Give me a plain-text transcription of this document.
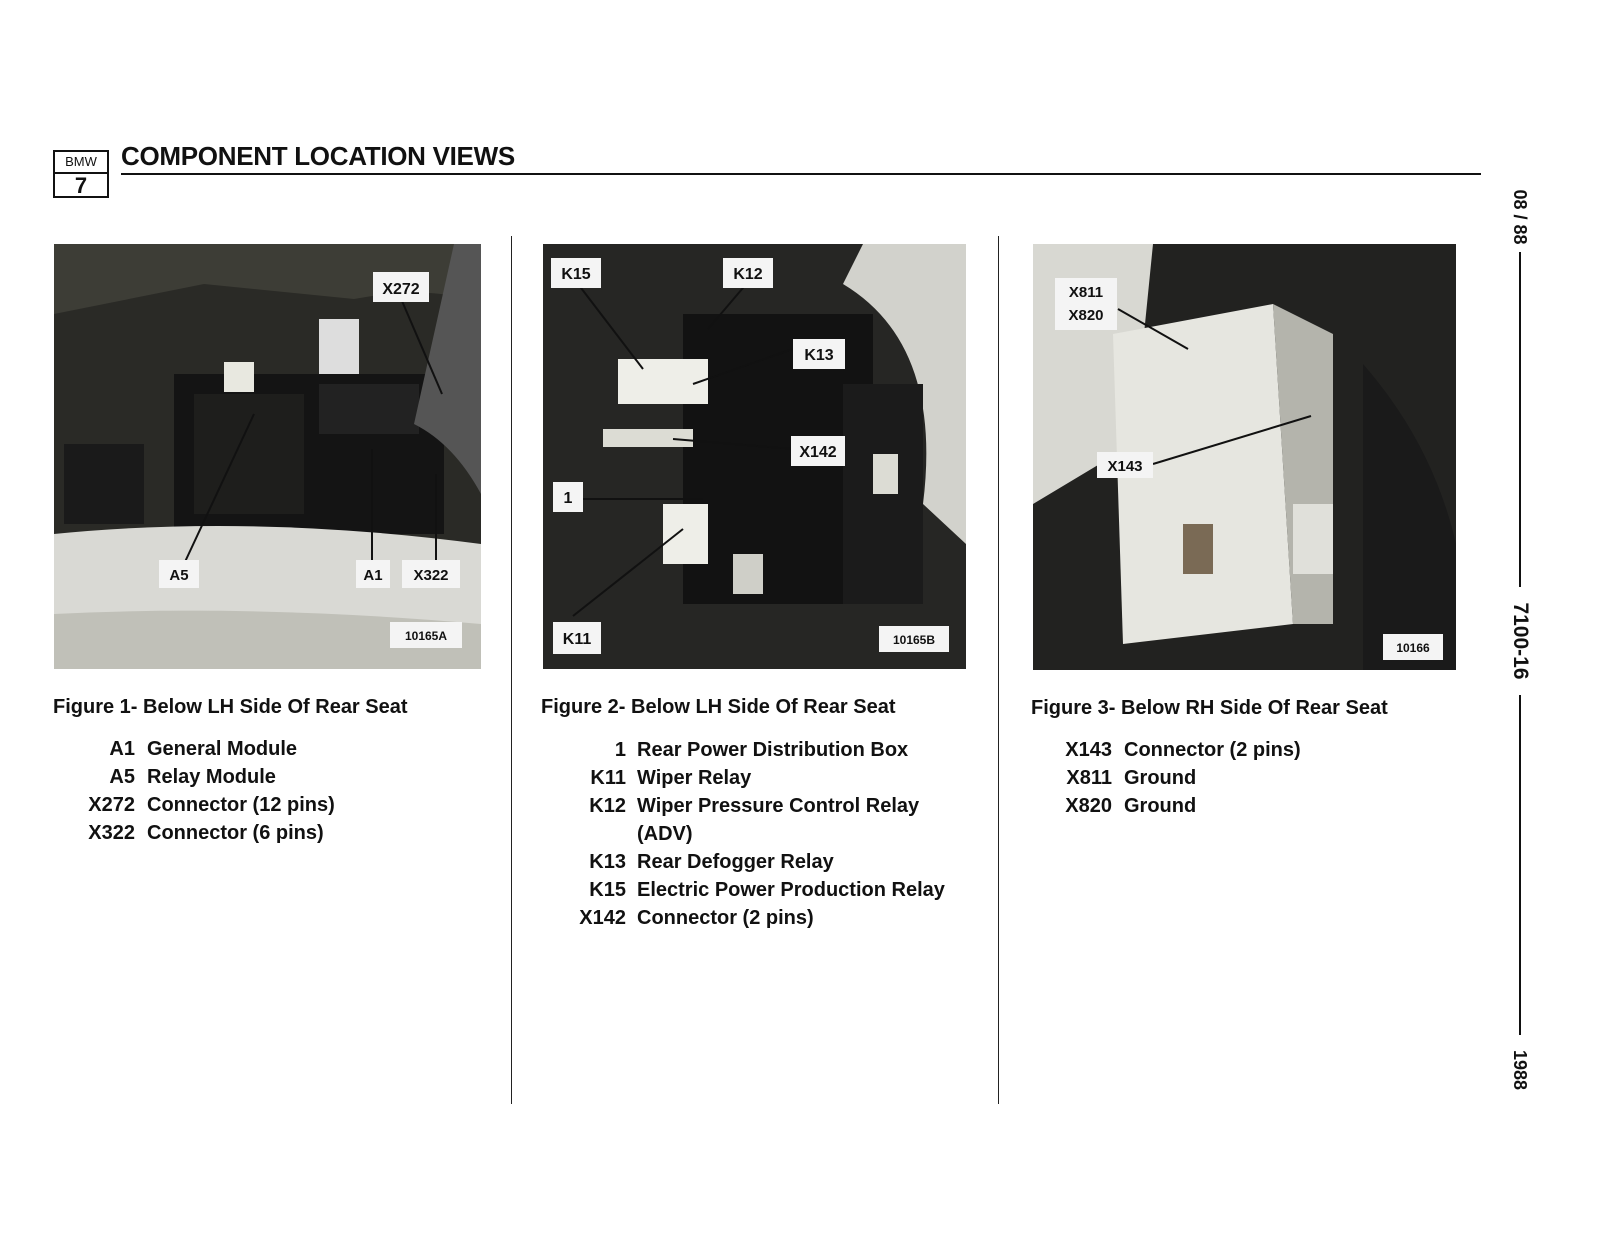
BMW
7
COMPONENT LOCATION VIEWS
X272
A5	A1 X322
10165A
K15	K12
K13
X142
1
K11	10165B
X811
X820
X143
10166
Figure 1- Below LH Side Of Rear Seat	Figure 2- Below LH Side Of Rear Seat	Figure 3- Below RH Side Of Rear Seat
A1 General Module
A5 Relay Module
X272 Connector (12 pins)
X322 Connector (6 pins)
1 Rear Power Distribution Box
K11 Wiper Relay
K12 Wiper Pressure Control Relay
(ADV)
K13 Rear Defogger Relay
K15 Electric Power Production Relay
X142 Connector (2 pins)
X143 Connector (2 pins)
X811 Ground
X820 Ground
08 / 88
7100-16
1988
